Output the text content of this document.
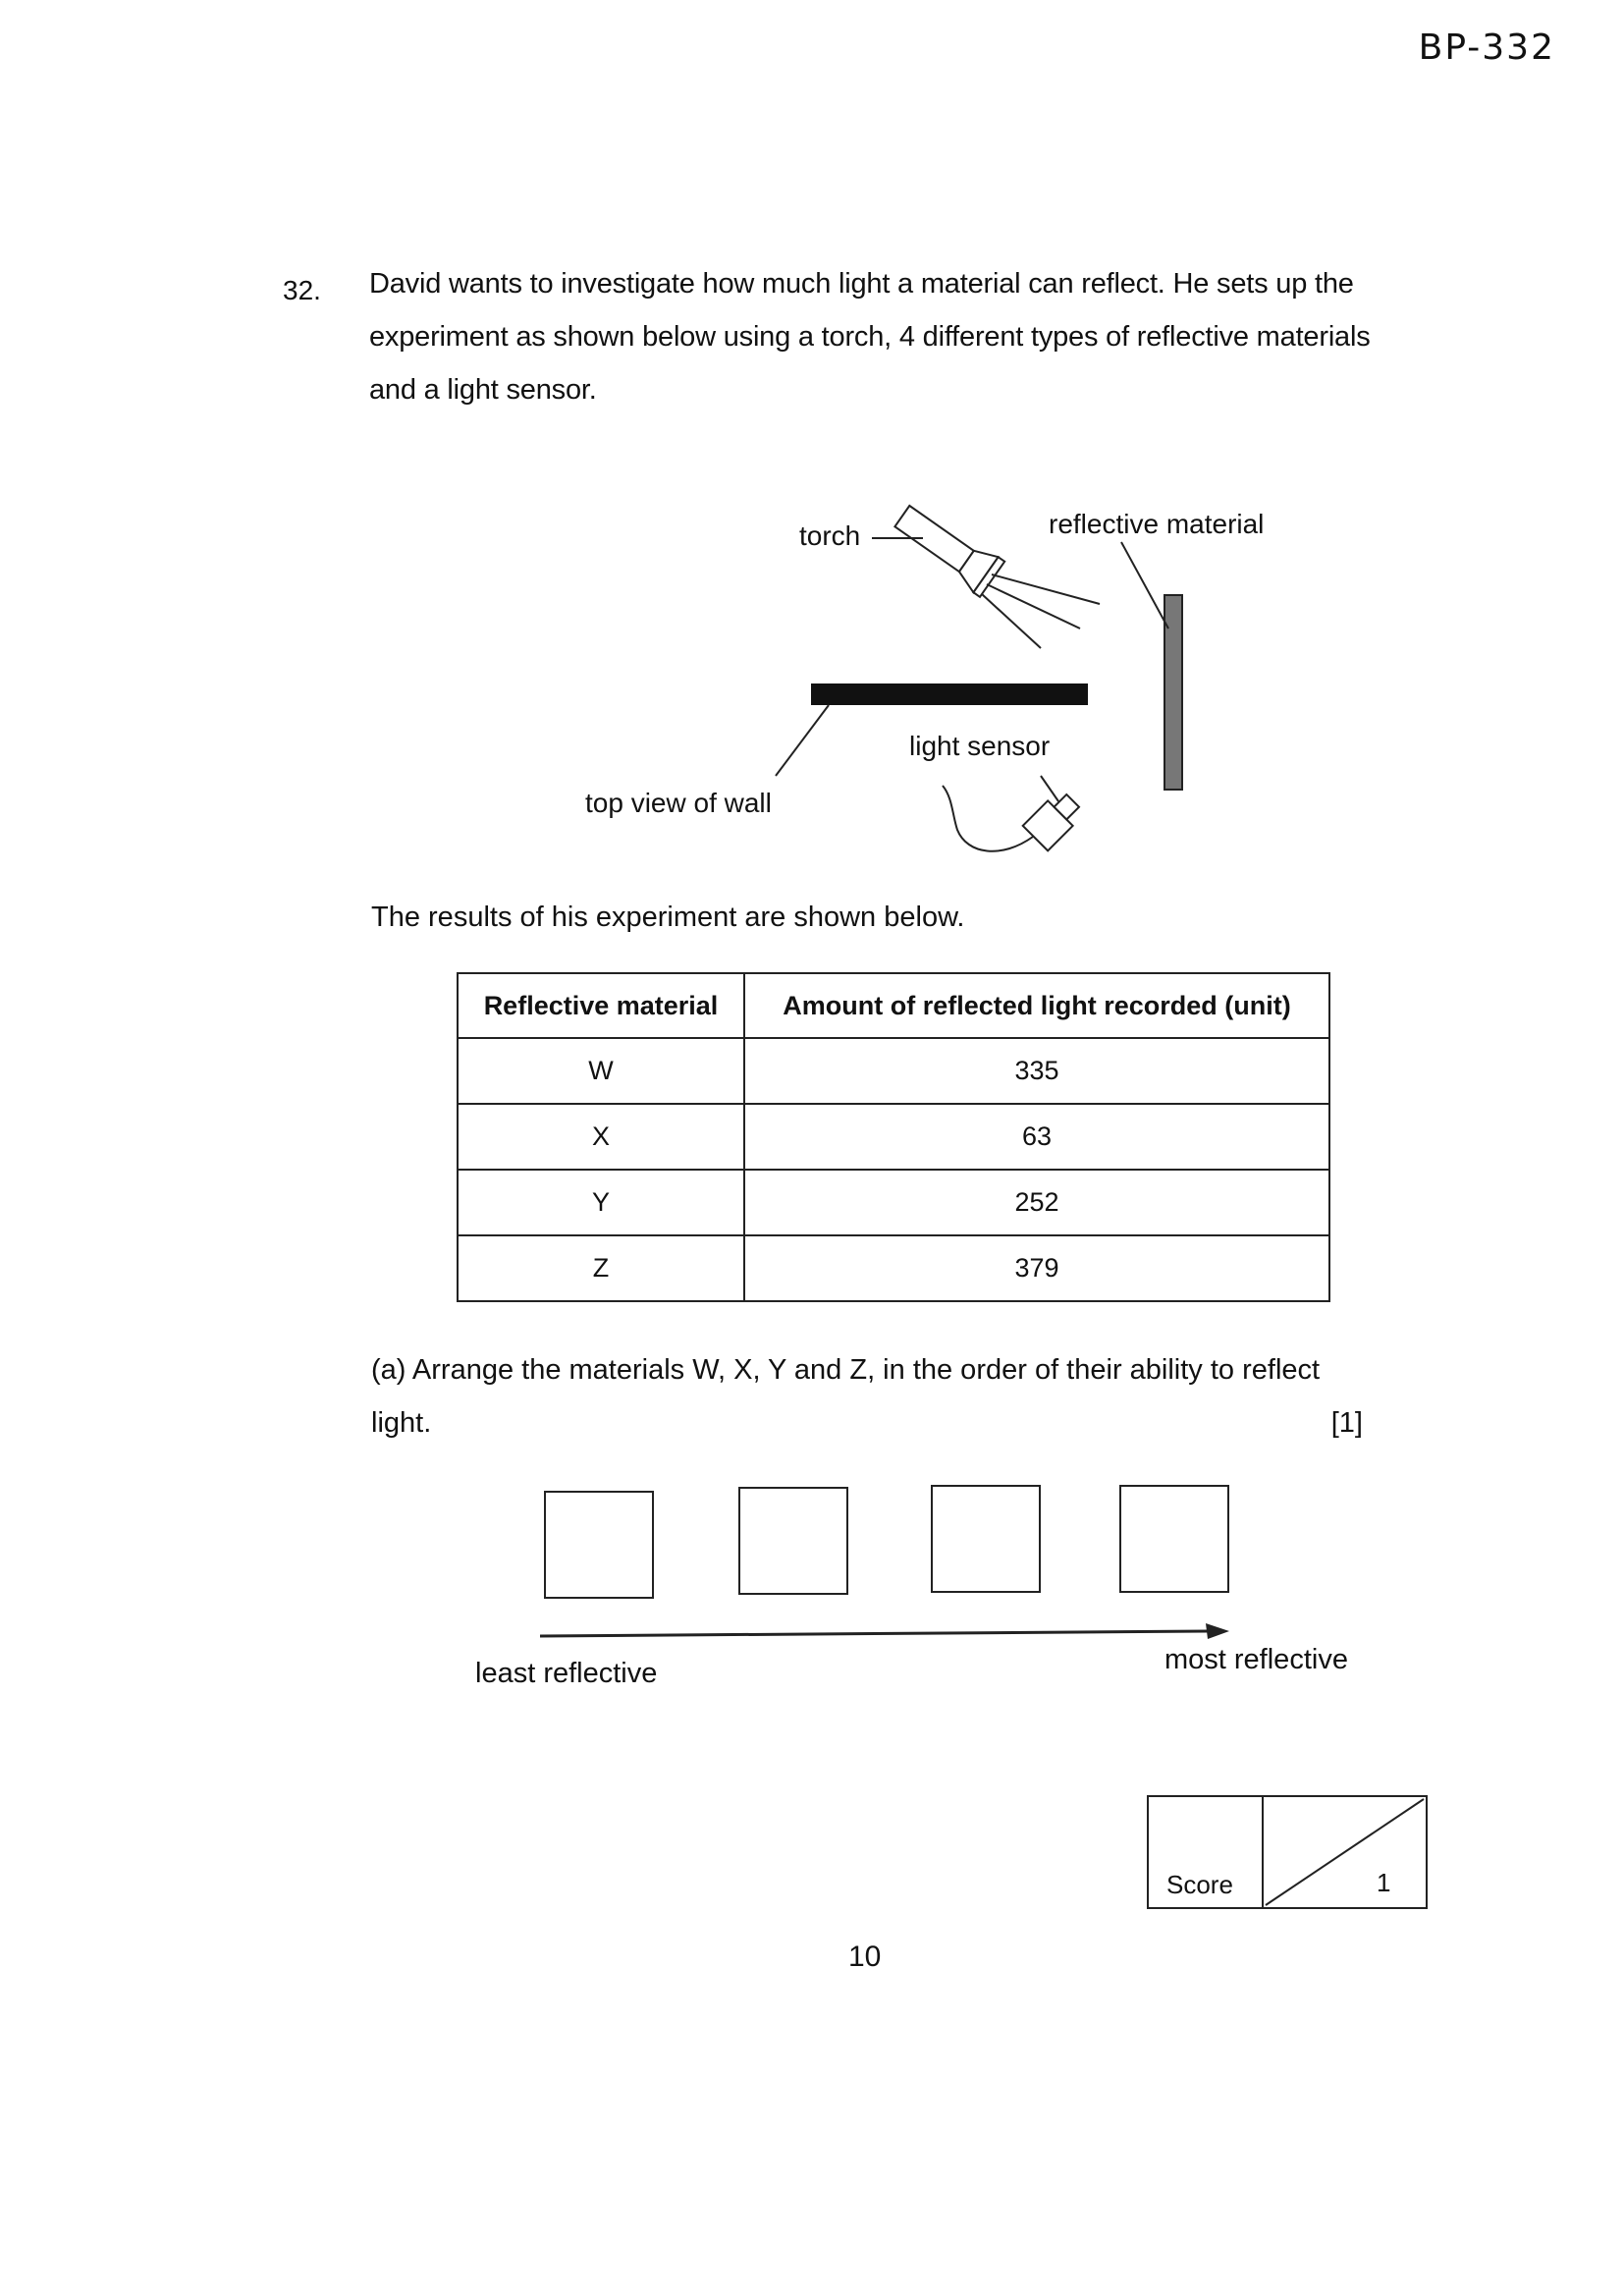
BP-332
32. David wants to investigate how much light a material can reflect. He sets up the experiment as shown below using a torch, 4 different types of reflective materials and a light sensor.
torch	reflective material
light sensor
top view of wall
The results of his experiment are shown below.
Reflective material	Amount of reflected light recorded (unit)
W	335
X	63
Y	252
Z	379
(a) Arrange the materials W, X, Y and Z, in the order of their ability to reflect light.	[1]
least reflective	most reflective
Score	1
10
